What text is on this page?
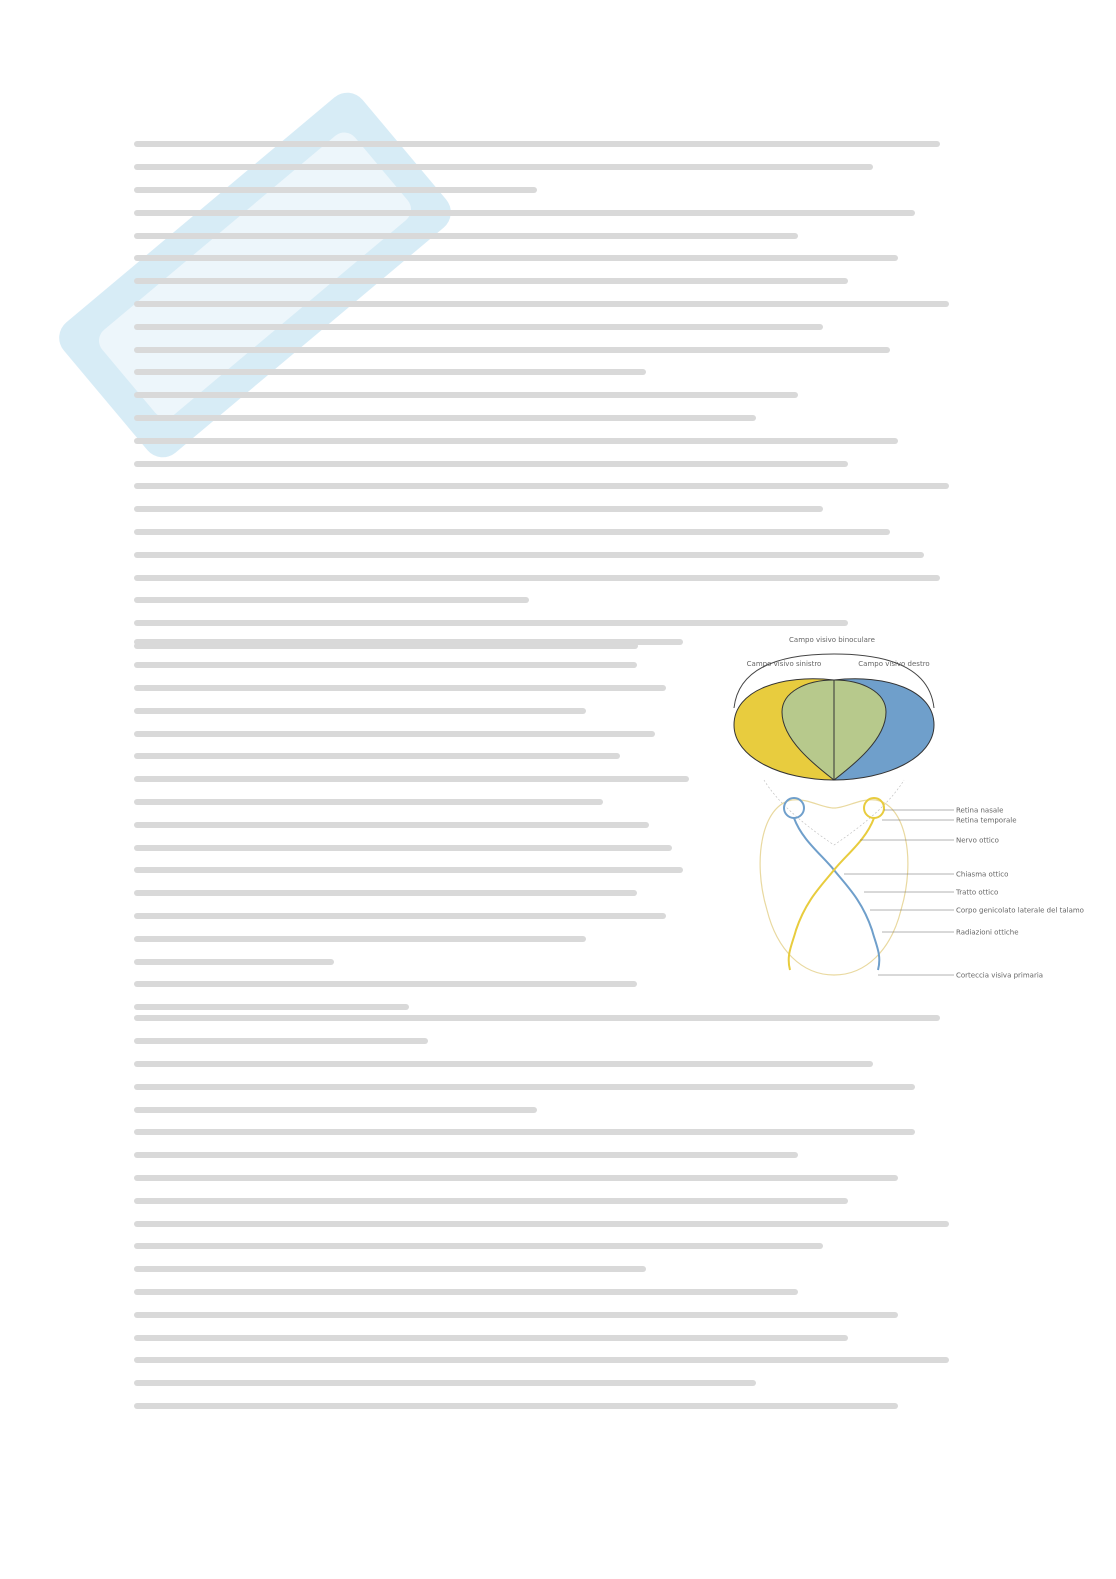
Campo visivo binoculare
Campo visivo sinistro	Campo visivo destro
Retina nasale
Retina temporale
Nervo ottico
Chiasma ottico
Tratto ottico
Corpo genicolato laterale del talamo
Radiazioni ottiche
Corteccia visiva primaria
